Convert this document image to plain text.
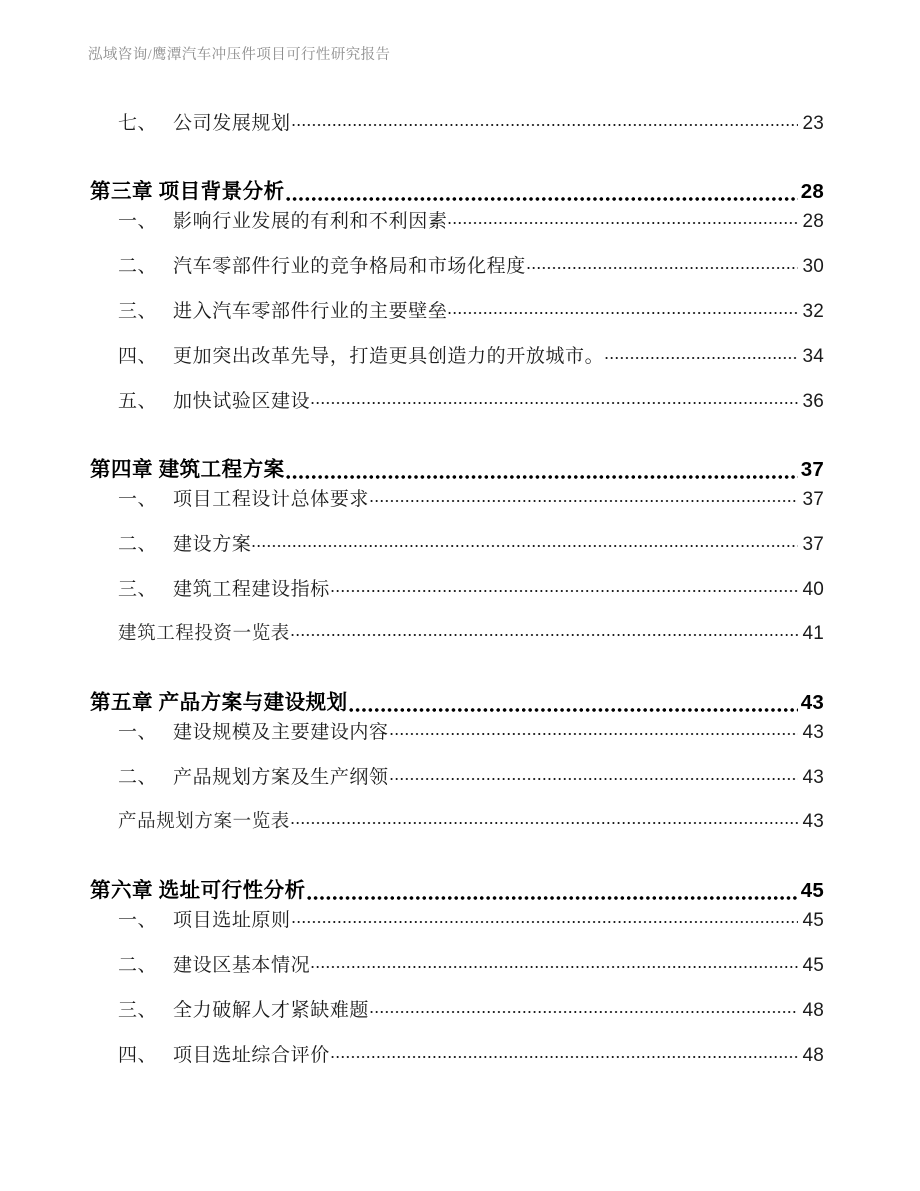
泓域咨询/鹰潭汽车冲压件项目可行性研究报告
七、 公司发展规划	23
第三章 项目背景分析	28
一、 影响行业发展的有利和不利因素	28
二、 汽车零部件行业的竞争格局和市场化程度	30
三、 进入汽车零部件行业的主要壁垒	32
四、 更加突出改革先导，打造更具创造力的开放城市。	34
五、 加快试验区建设	36
第四章 建筑工程方案	37
一、 项目工程设计总体要求	37
二、 建设方案	37
三、 建筑工程建设指标	40
建筑工程投资一览表	41
第五章 产品方案与建设规划	43
一、 建设规模及主要建设内容	43
二、 产品规划方案及生产纲领	43
产品规划方案一览表	43
第六章 选址可行性分析	45
一、 项目选址原则	45
二、 建设区基本情况	45
三、 全力破解人才紧缺难题	48
四、 项目选址综合评价	48
